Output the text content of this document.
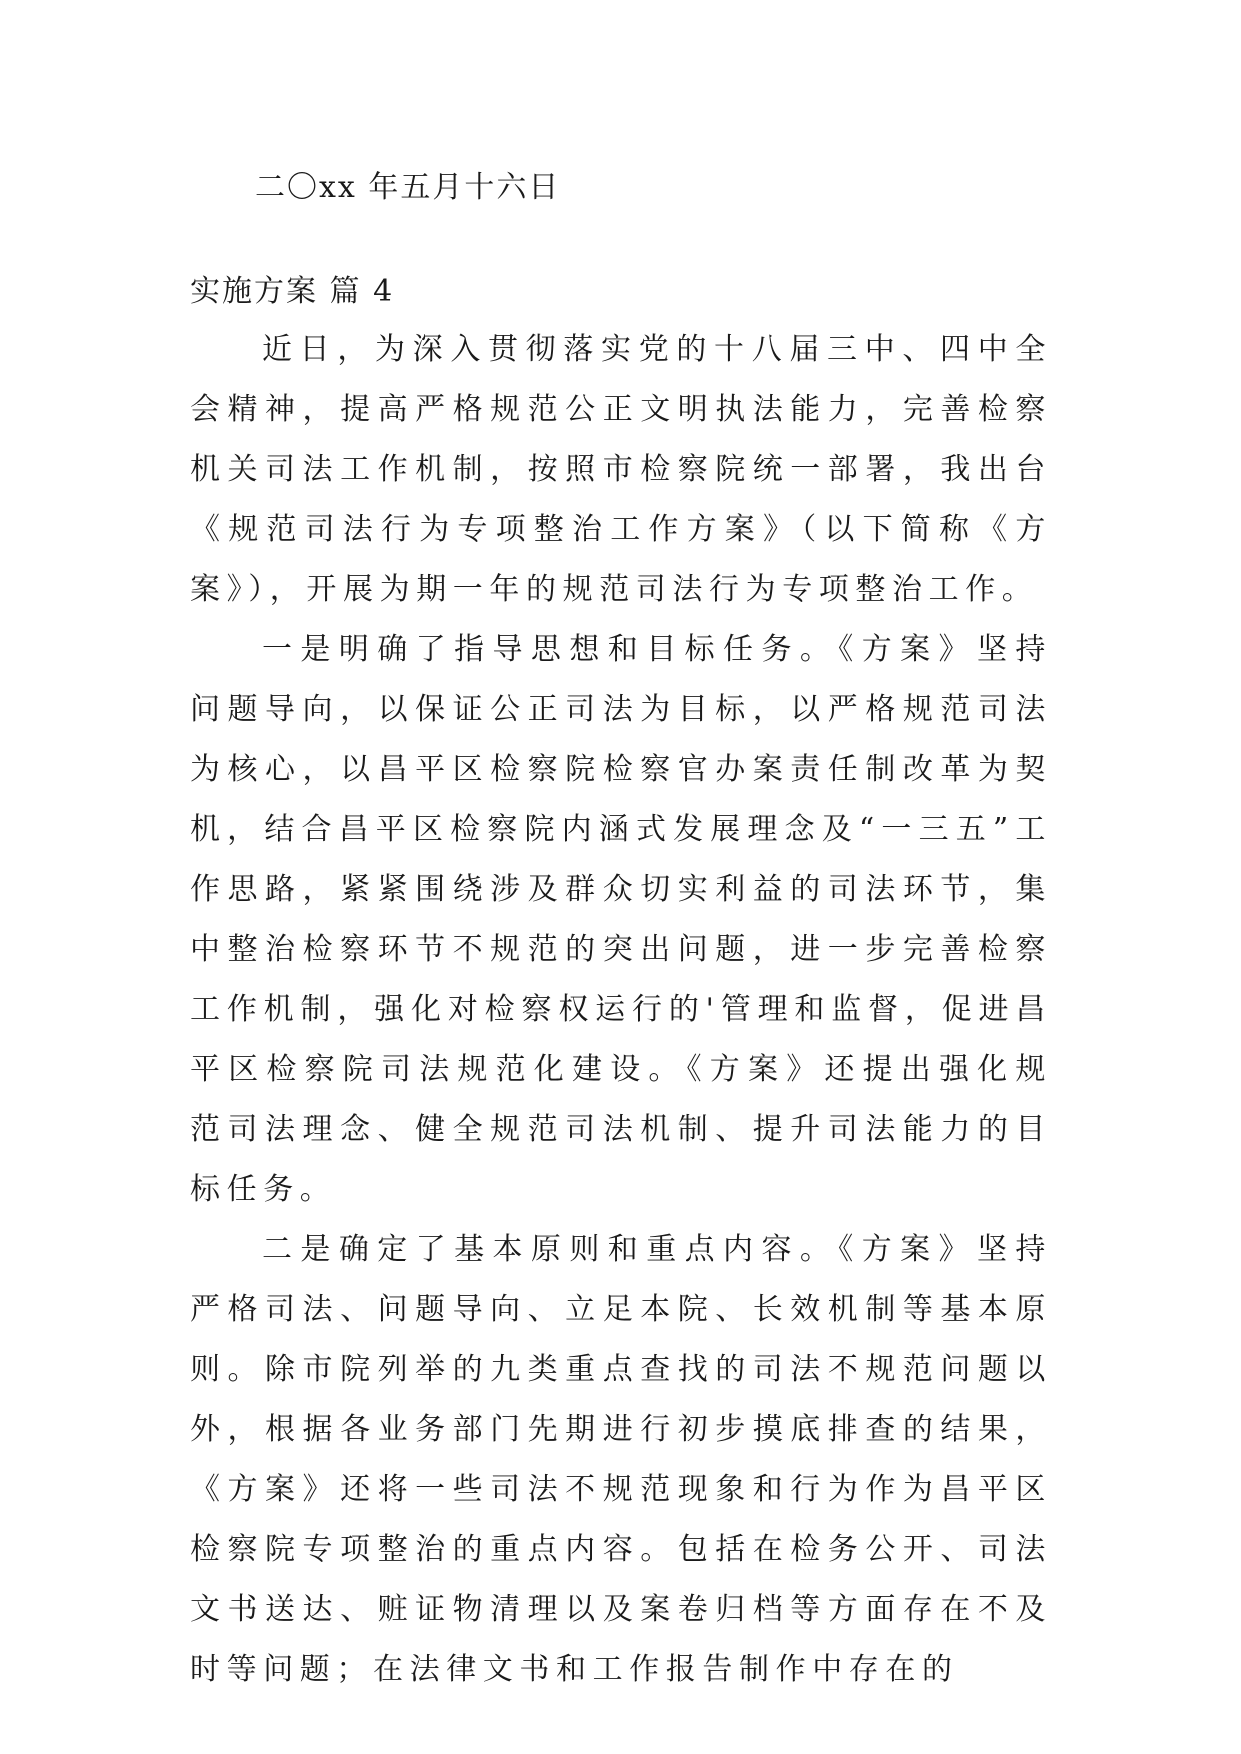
二〇xx 年五月十六日
实施方案 篇 4

近日，为深入贯彻落实党的十八届三中、四中全会精神，提高严格规范公正文明执法能力，完善检察机关司法工作机制，按照市检察院统一部署，我出台《规范司法行为专项整治工作方案》（以下简称《方案》），开展为期一年的规范司法行为专项整治工作。

一是明确了指导思想和目标任务。《方案》坚持问题导向，以保证公正司法为目标，以严格规范司法为核心，以昌平区检察院检察官办案责任制改革为契机，结合昌平区检察院内涵式发展理念及“一三五”工作思路，紧紧围绕涉及群众切实利益的司法环节，集中整治检察环节不规范的突出问题，进一步完善检察工作机制，强化对检察权运行的'管理和监督，促进昌平区检察院司法规范化建设。《方案》还提出强化规范司法理念、健全规范司法机制、提升司法能力的目标任务。

二是确定了基本原则和重点内容。《方案》坚持严格司法、问题导向、立足本院、长效机制等基本原则。除市院列举的九类重点查找的司法不规范问题以外，根据各业务部门先期进行初步摸底排查的结果，《方案》还将一些司法不规范现象和行为作为昌平区检察院专项整治的重点内容。包括在检务公开、司法文书送达、赃证物清理以及案卷归档等方面存在不及时等问题；在法律文书和工作报告制作中存在的
